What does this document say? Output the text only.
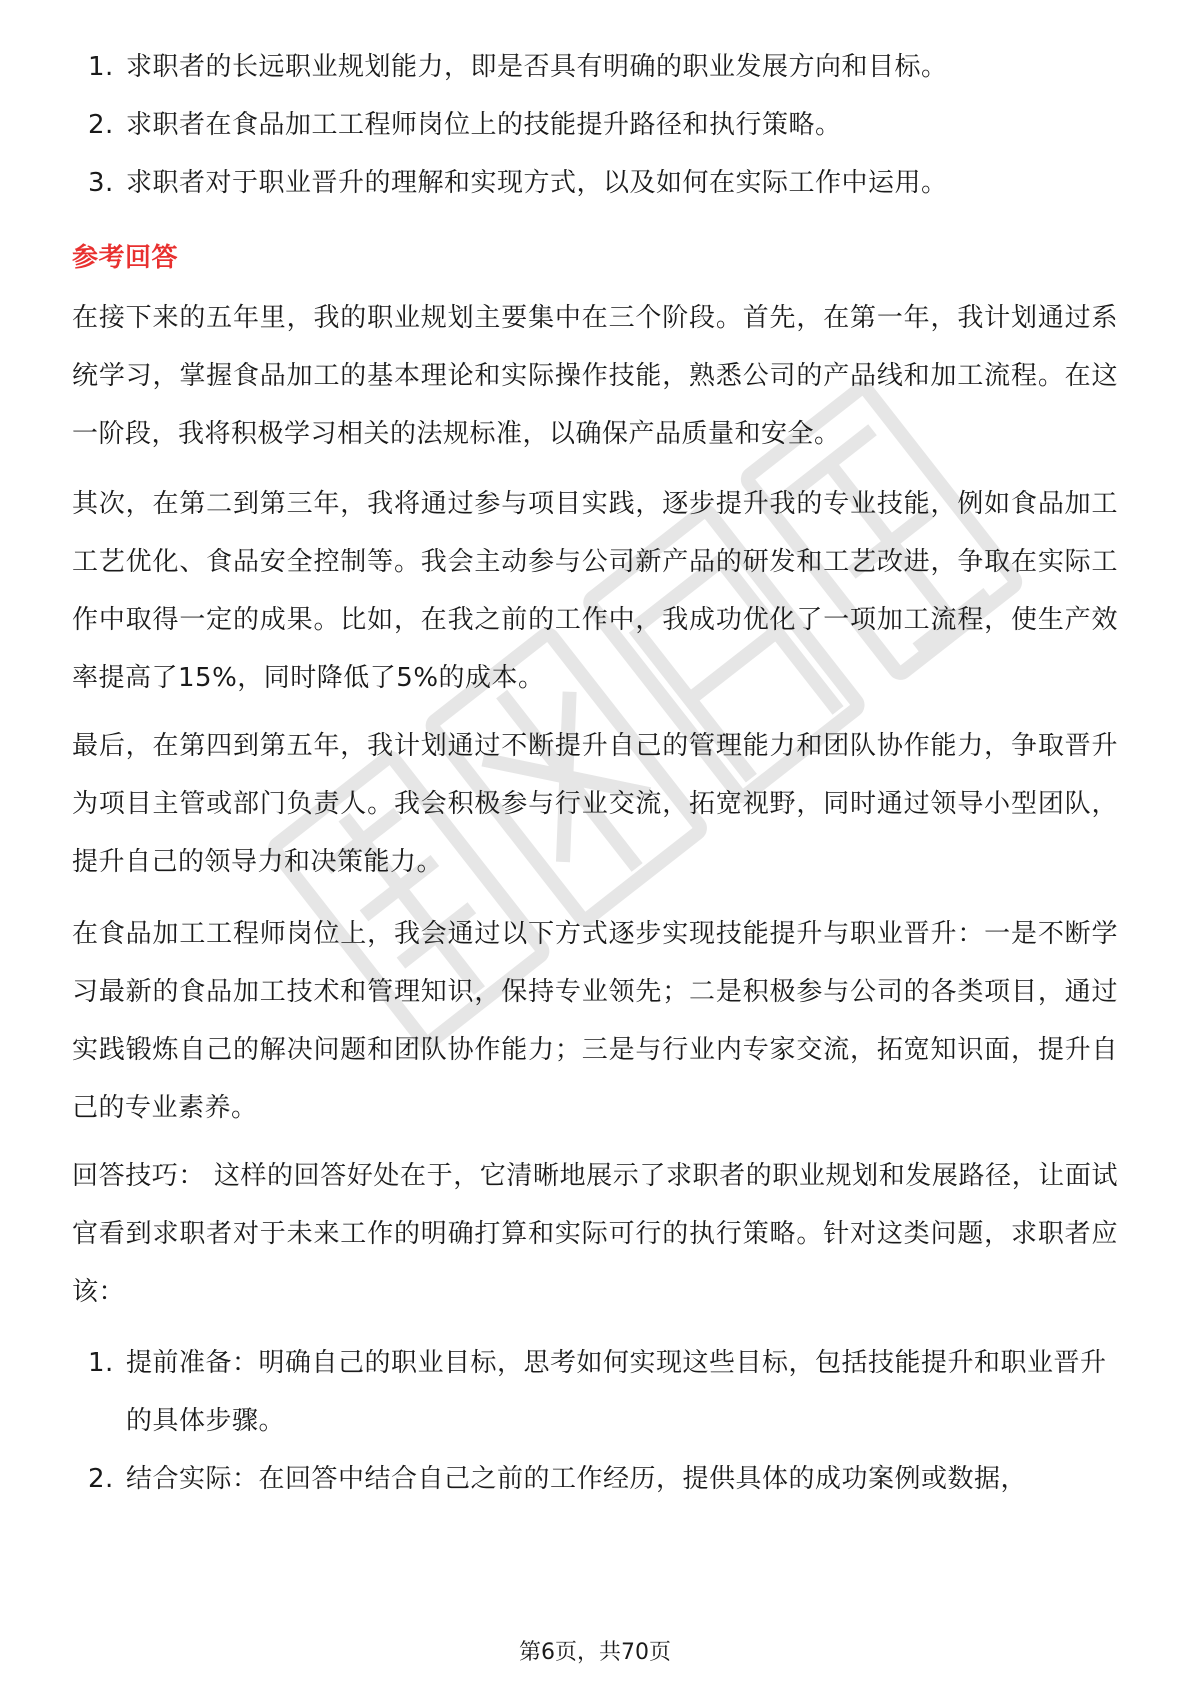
1. 求职者的长远职业规划能力，即是否具有明确的职业发展方向和目标。
2. 求职者在食品加工工程师岗位上的技能提升路径和执行策略。
3. 求职者对于职业晋升的理解和实现方式，以及如何在实际工作中运用。
参考回答

在接下来的五年里，我的职业规划主要集中在三个阶段。首先，在第一年，我计划通过系统学习，掌握食品加工的基本理论和实际操作技能，熟悉公司的产品线和加工流程。在这一阶段，我将积极学习相关的法规标准，以确保产品质量和安全。

其次，在第二到第三年，我将通过参与项目实践，逐步提升我的专业技能，例如食品加工工艺优化、食品安全控制等。我会主动参与公司新产品的研发和工艺改进，争取在实际工作中取得一定的成果。比如，在我之前的工作中，我成功优化了一项加工流程，使生产效率提高了15%，同时降低了5%的成本。

最后，在第四到第五年，我计划通过不断提升自己的管理能力和团队协作能力，争取晋升为项目主管或部门负责人。我会积极参与行业交流，拓宽视野，同时通过领导小型团队，提升自己的领导力和决策能力。

在食品加工工程师岗位上，我会通过以下方式逐步实现技能提升与职业晋升：一是不断学习最新的食品加工技术和管理知识，保持专业领先；二是积极参与公司的各类项目，通过实践锻炼自己的解决问题和团队协作能力；三是与行业内专家交流，拓宽知识面，提升自己的专业素养。

回答技巧： 这样的回答好处在于，它清晰地展示了求职者的职业规划和发展路径，让面试官看到求职者对于未来工作的明确打算和实际可行的执行策略。针对这类问题，求职者应该：

1. 提前准备：明确自己的职业目标，思考如何实现这些目标，包括技能提升和职业晋升的具体步骤。
2. 结合实际：在回答中结合自己之前的工作经历，提供具体的成功案例或数据，
第6页，共70页
